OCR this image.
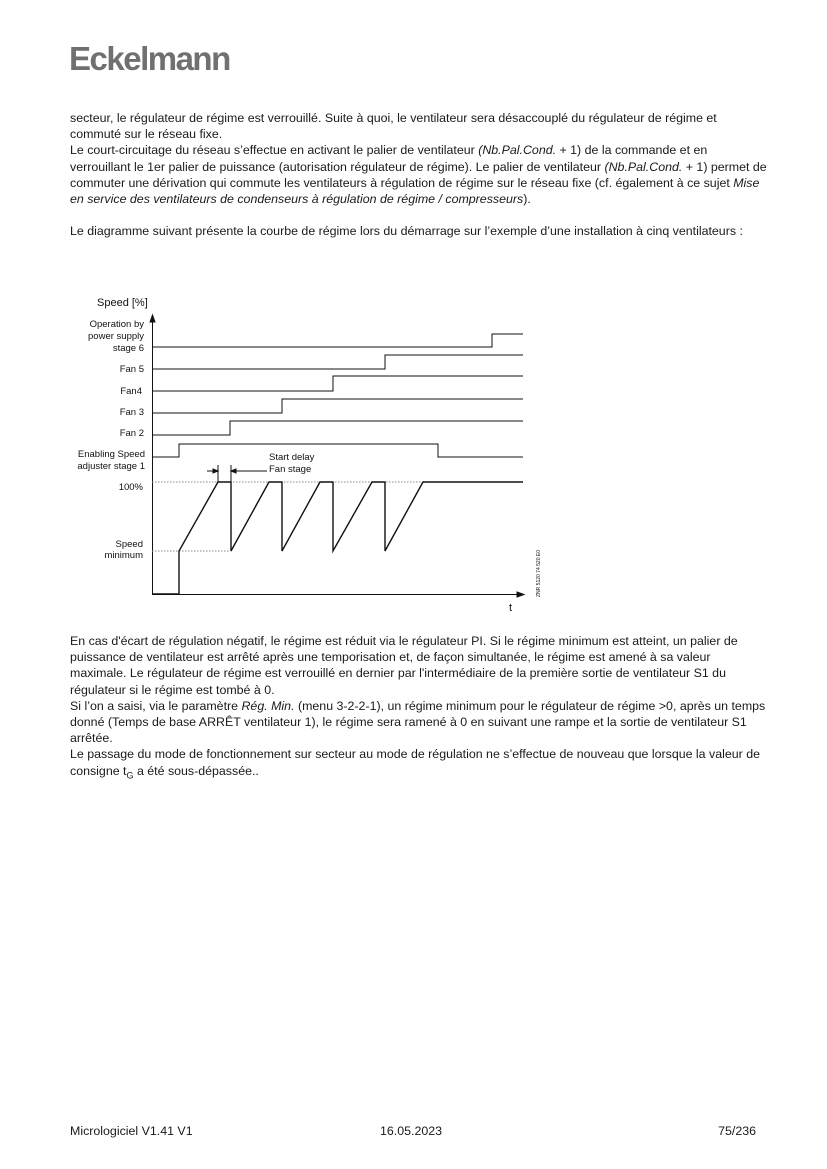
Eckelmann

secteur, le régulateur de régime est verrouillé. Suite à quoi, le ventilateur sera désaccouplé du régulateur de régime et commuté sur le réseau fixe.

Le court-circuitage du réseau s’effectue en activant le palier de ventilateur (Nb.Pal.Cond. + 1) de la commande et en verrouillant le 1er palier de puissance (autorisation régulateur de régime). Le palier de ventilateur (Nb.Pal.Cond. + 1) permet de commuter une dérivation qui commute les ventilateurs à régulation de régime sur le réseau fixe (cf. également à ce sujet Mise en service des ventilateurs de condenseurs à régulation de régime / compresseurs).

Le diagramme suivant présente la courbe de régime lors du démarrage sur l’exemple d’une installation à cinq ventilateurs :

Speed [%]
t
Operation by
power supply
stage 6
Fan 5
Fan4
Fan 3
Fan 2
Enabling Speed
adjuster stage 1
100%
Speed
minimum
Start delay
Fan stage
ZNR 5120 74 520 E0

En cas d'écart de régulation négatif, le régime est réduit via le régulateur PI. Si le régime minimum est atteint, un palier de puissance de ventilateur est arrêté après une temporisation et, de façon simultanée, le régime est amené à sa valeur maximale. Le régulateur de régime est verrouillé en dernier par l'intermédiaire de la première sortie de ventilateur S1 du régulateur si le régime est tombé à 0.

Si l’on a saisi, via le paramètre Rég. Min. (menu 3-2-2-1), un régime minimum pour le régulateur de régime >0, après un temps donné (Temps de base ARRÊT ventilateur 1), le régime sera ramené à 0 en suivant une rampe et la sortie de ventilateur S1 arrêtée.

Le passage du mode de fonctionnement sur secteur au mode de régulation ne s’effectue de nouveau que lorsque la valeur de consigne $t_G$ a été sous-dépassée..

Micrologiciel V1.41 V1	16.05.2023	75/236
